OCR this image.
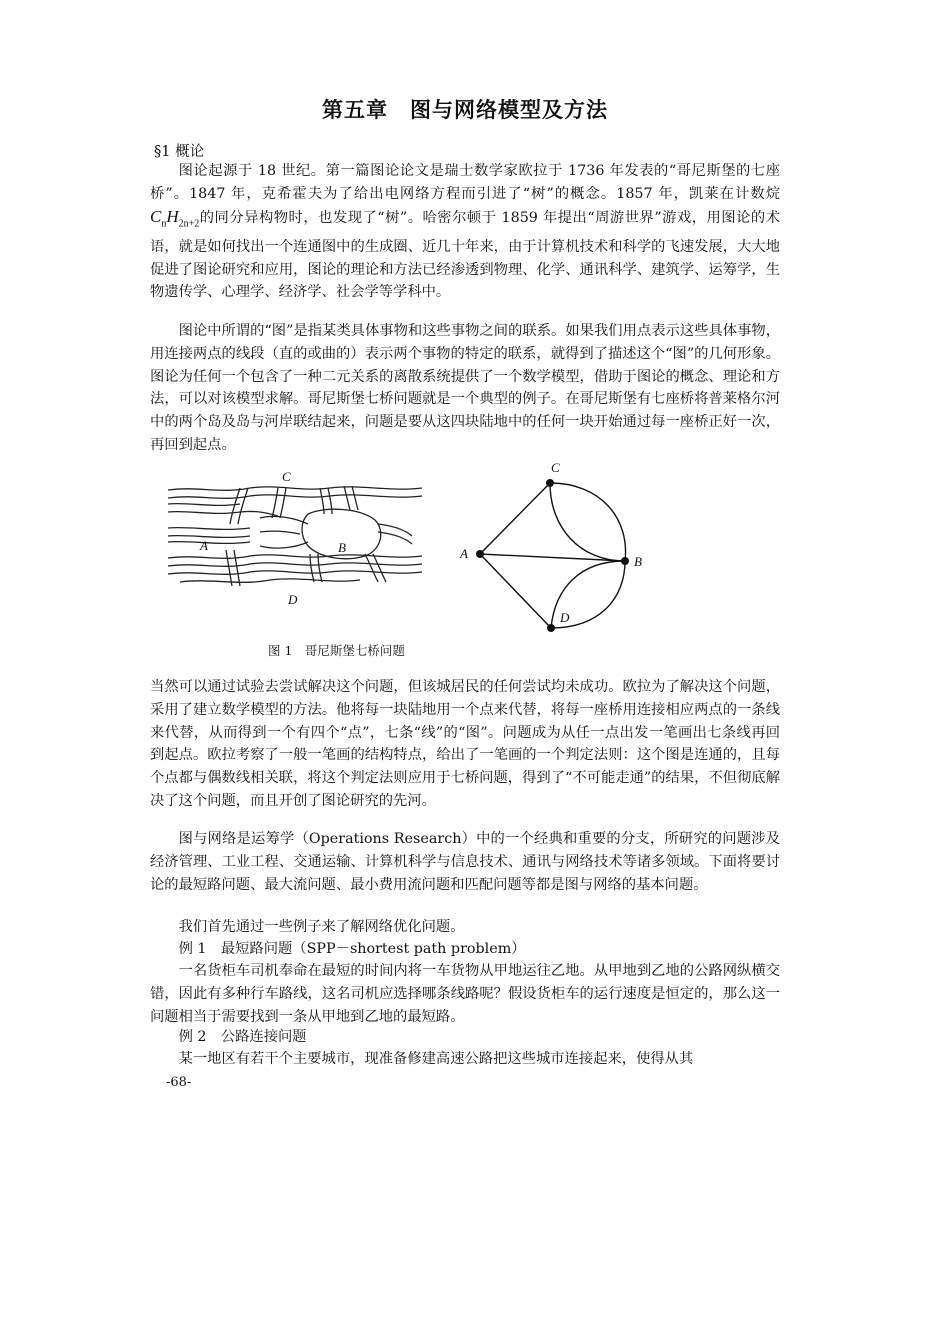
第五章　图与网络模型及方法

§1 概论

图论起源于 18 世纪。第一篇图论论文是瑞士数学家欧拉于 1736 年发表的“哥尼斯堡的七座桥”。1847 年，克希霍夫为了给出电网络方程而引进了“树”的概念。1857 年，凯莱在计数烷$C_nH_{2n+2}$的同分异构物时，也发现了“树”。哈密尔顿于 1859 年提出“周游世界”游戏，用图论的术语，就是如何找出一个连通图中的生成圈、近几十年来，由于计算机技术和科学的飞速发展，大大地促进了图论研究和应用，图论的理论和方法已经渗透到物理、化学、通讯科学、建筑学、运筹学，生物遗传学、心理学、经济学、社会学等学科中。

图论中所谓的“图”是指某类具体事物和这些事物之间的联系。如果我们用点表示这些具体事物，用连接两点的线段（直的或曲的）表示两个事物的特定的联系，就得到了描述这个“图”的几何形象。图论为任何一个包含了一种二元关系的离散系统提供了一个数学模型，借助于图论的概念、理论和方法，可以对该模型求解。哥尼斯堡七桥问题就是一个典型的例子。在哥尼斯堡有七座桥将普莱格尔河中的两个岛及岛与河岸联结起来，问题是要从这四块陆地中的任何一块开始通过每一座桥正好一次，再回到起点。

C
A	B
D
C
A
B
D

图 1　哥尼斯堡七桥问题

当然可以通过试验去尝试解决这个问题，但该城居民的任何尝试均未成功。欧拉为了解决这个问题，采用了建立数学模型的方法。他将每一块陆地用一个点来代替，将每一座桥用连接相应两点的一条线来代替，从而得到一个有四个“点”，七条“线”的“图”。问题成为从任一点出发一笔画出七条线再回到起点。欧拉考察了一般一笔画的结构特点，给出了一笔画的一个判定法则：这个图是连通的，且每个点都与偶数线相关联，将这个判定法则应用于七桥问题，得到了“不可能走通”的结果，不但彻底解决了这个问题，而且开创了图论研究的先河。

图与网络是运筹学（Operations Research）中的一个经典和重要的分支，所研究的问题涉及经济管理、工业工程、交通运输、计算机科学与信息技术、通讯与网络技术等诸多领域。下面将要讨论的最短路问题、最大流问题、最小费用流问题和匹配问题等都是图与网络的基本问题。

我们首先通过一些例子来了解网络优化问题。

例 1　最短路问题（SPP－shortest path problem）

一名货柜车司机奉命在最短的时间内将一车货物从甲地运往乙地。从甲地到乙地的公路网纵横交错，因此有多种行车路线，这名司机应选择哪条线路呢？假设货柜车的运行速度是恒定的，那么这一问题相当于需要找到一条从甲地到乙地的最短路。

例 2　公路连接问题

某一地区有若干个主要城市，现准备修建高速公路把这些城市连接起来，使得从其

-68-
